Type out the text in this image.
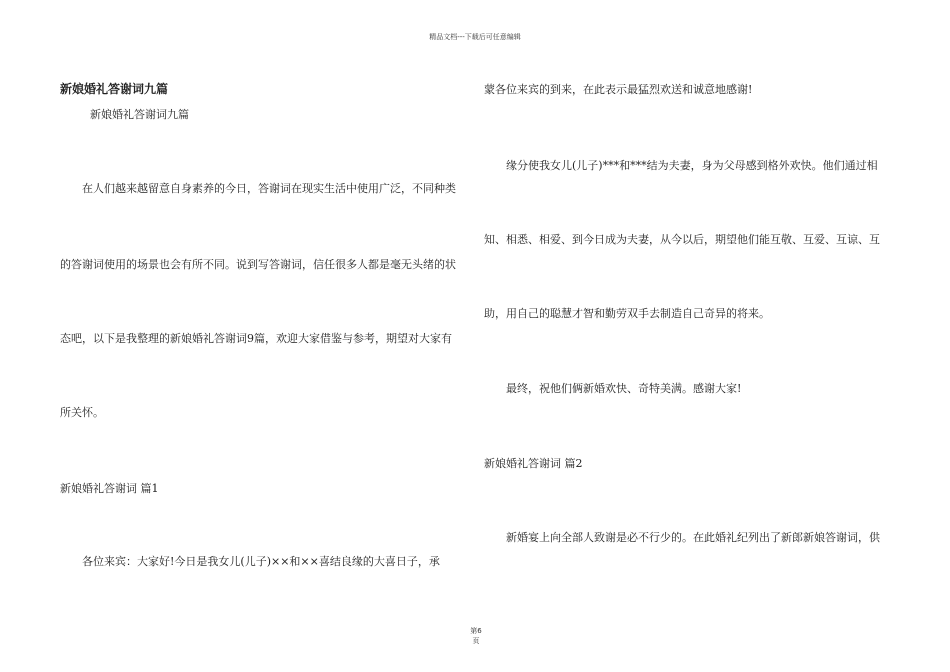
精品文档---下载后可任意编辑
新娘婚礼答谢词九篇
新娘婚礼答谢词九篇
在人们越来越留意自身素养的今日，答谢词在现实生活中使用广泛，不同种类
的答谢词使用的场景也会有所不同。说到写答谢词，信任很多人都是毫无头绪的状
态吧，以下是我整理的新娘婚礼答谢词9篇，欢迎大家借鉴与参考，期望对大家有
所关怀。
新娘婚礼答谢词 篇1
各位来宾：大家好!今日是我女儿(儿子)××和××喜结良缘的大喜日子，承
蒙各位来宾的到来，在此表示最猛烈欢送和诚意地感谢!
缘分使我女儿(儿子)***和***结为夫妻，身为父母感到格外欢快。他们通过相
知、相悉、相爱、到今日成为夫妻，从今以后，期望他们能互敬、互爱、互谅、互
助，用自己的聪慧才智和勤劳双手去制造自己奇异的将来。
最终，祝他们俩新婚欢快、奇特美满。感谢大家!
新娘婚礼答谢词 篇2
新婚宴上向全部人致谢是必不行少的。在此婚礼纪列出了新郎新娘答谢词，供
第6
页
